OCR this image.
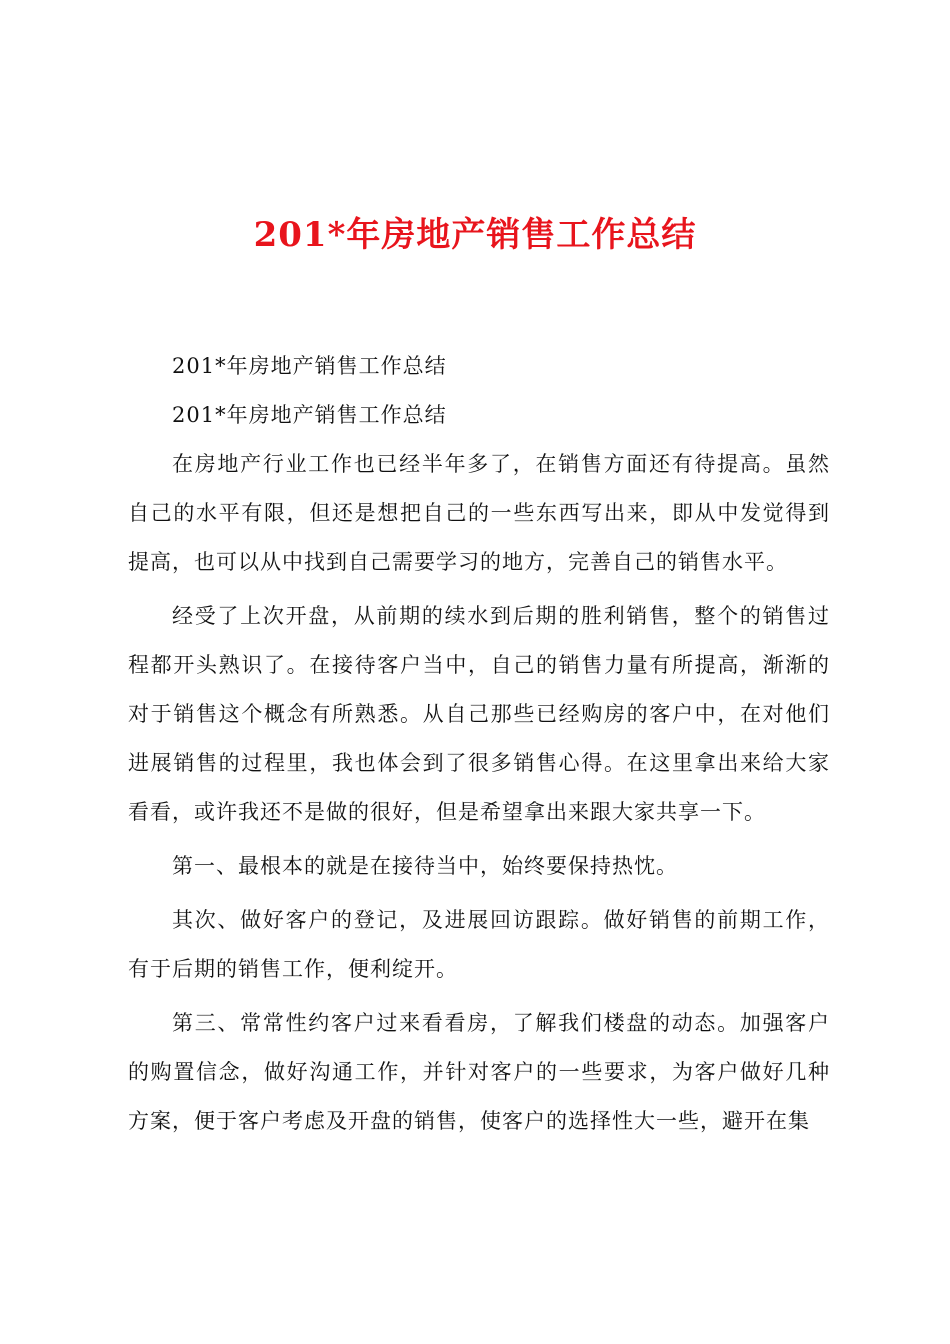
201*年房地产销售工作总结

201*年房地产销售工作总结

201*年房地产销售工作总结

在房地产行业工作也已经半年多了，在销售方面还有待提高。虽然自己的水平有限，但还是想把自己的一些东西写出来，即从中发觉得到提高，也可以从中找到自己需要学习的地方，完善自己的销售水平。

经受了上次开盘，从前期的续水到后期的胜利销售，整个的销售过程都开头熟识了。在接待客户当中，自己的销售力量有所提高，渐渐的对于销售这个概念有所熟悉。从自己那些已经购房的客户中，在对他们进展销售的过程里，我也体会到了很多销售心得。在这里拿出来给大家看看，或许我还不是做的很好，但是希望拿出来跟大家共享一下。

第一、最根本的就是在接待当中，始终要保持热忱。

其次、做好客户的登记，及进展回访跟踪。做好销售的前期工作，有于后期的销售工作，便利绽开。

第三、常常性约客户过来看看房，了解我们楼盘的动态。加强客户的购置信念，做好沟通工作，并针对客户的一些要求，为客户做好几种方案，便于客户考虑及开盘的销售，使客户的选择性大一些，避开在集
